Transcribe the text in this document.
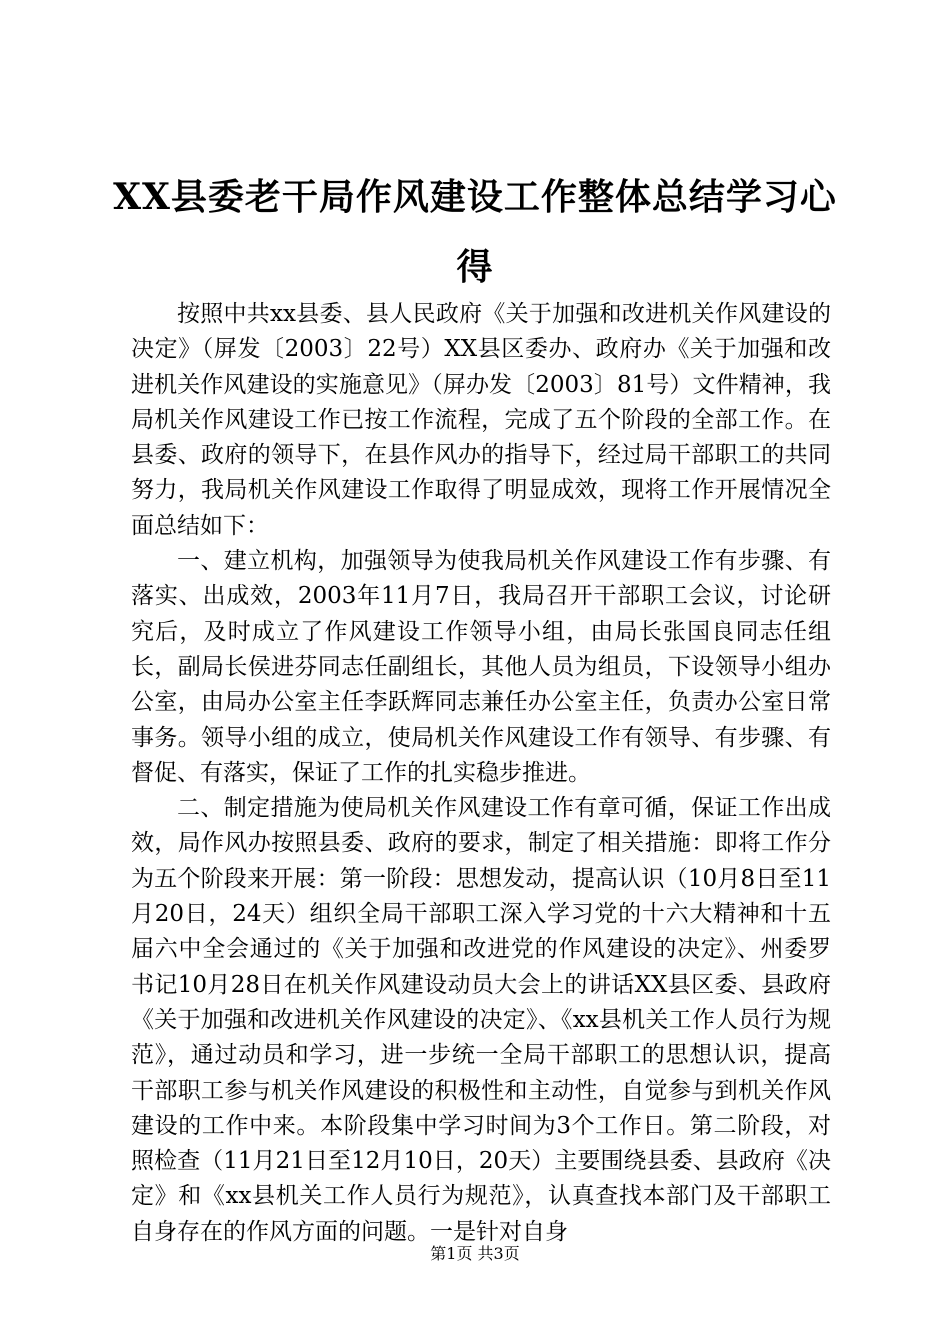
XX县委老干局作风建设工作整体总结学习心得

按照中共xx县委、县人民政府《关于加强和改进机关作风建设的决定》（屏发〔2003〕22号）XX县区委办、政府办《关于加强和改进机关作风建设的实施意见》（屏办发〔2003〕81号）文件精神，我局机关作风建设工作已按工作流程，完成了五个阶段的全部工作。在县委、政府的领导下，在县作风办的指导下，经过局干部职工的共同努力，我局机关作风建设工作取得了明显成效，现将工作开展情况全面总结如下：

一、建立机构，加强领导为使我局机关作风建设工作有步骤、有落实、出成效，2003年11月7日，我局召开干部职工会议，讨论研究后，及时成立了作风建设工作领导小组，由局长张国良同志任组长，副局长侯进芬同志任副组长，其他人员为组员，下设领导小组办公室，由局办公室主任李跃辉同志兼任办公室主任，负责办公室日常事务。领导小组的成立，使局机关作风建设工作有领导、有步骤、有督促、有落实，保证了工作的扎实稳步推进。

二、制定措施为使局机关作风建设工作有章可循，保证工作出成效，局作风办按照县委、政府的要求，制定了相关措施：即将工作分为五个阶段来开展：第一阶段：思想发动，提高认识（10月8日至11月20日，24天）组织全局干部职工深入学习党的十六大精神和十五届六中全会通过的《关于加强和改进党的作风建设的决定》、州委罗书记10月28日在机关作风建设动员大会上的讲话XX县区委、县政府《关于加强和改进机关作风建设的决定》、《xx县机关工作人员行为规范》，通过动员和学习，进一步统一全局干部职工的思想认识，提高干部职工参与机关作风建设的积极性和主动性，自觉参与到机关作风建设的工作中来。本阶段集中学习时间为3个工作日。第二阶段，对照检查（11月21日至12月10日，20天）主要围绕县委、县政府《决定》和《xx县机关工作人员行为规范》，认真查找本部门及干部职工自身存在的作风方面的问题。一是针对自身

第1页 共3页
